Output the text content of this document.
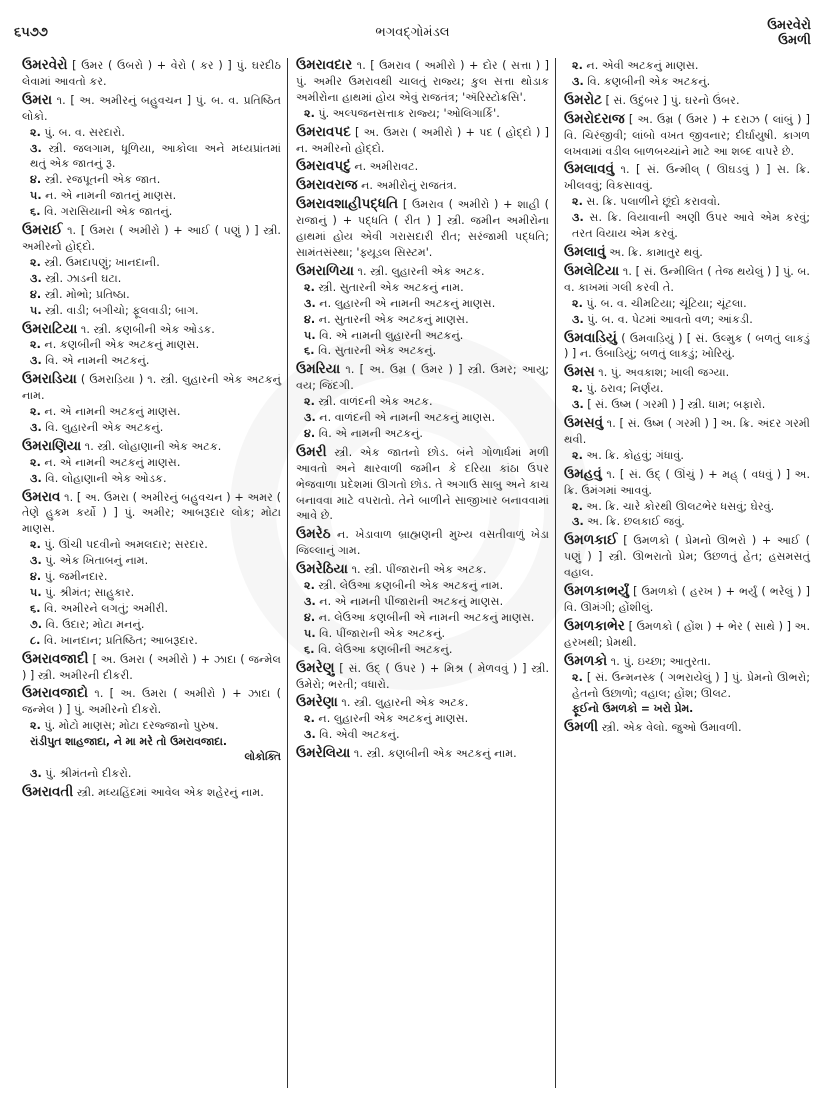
૬૫૭૭	ભગવદ્ગોમંડલ	ઉમરવેરો
ઉમળી
ઉમરવેરો [ ઉમર ( ઉબરો ) + વેરો ( કર ) ] પું. ઘરદીઠ લેવામાં આવતો કર.
ઉમરા ૧. [ અ. અમીરનું બહુવચન ] પું. બ. વ. પ્રતિષ્ઠિત લોકો.
૨. પું. બ. વ. સરદારો.
૩. સ્ત્રી. જલગામ, ધૂળિયા, આકોલા અને મધ્યપ્રાંતમાં થતું એક જાતનું રૂ.
૪. સ્ત્રી. રજપૂતની એક જાત.
૫. ન. એ નામની જાતનું માણસ.
૬. વિ. ગરાસિયાની એક જાતનું.
ઉમરાઈ ૧. [ ઉમરા ( અમીરો ) + આઈ ( પણું ) ] સ્ત્રી. અમીરનો હોદ્દો.
૨. સ્ત્રી. ઉમદાપણું; ખાનદાની.
૩. સ્ત્રી. ઝાડની ઘટા.
૪. સ્ત્રી. મોભો; પ્રતિષ્ઠા.
૫. સ્ત્રી. વાડી; બગીચો; ફૂલવાડી; બાગ.
ઉમરાટિયા ૧. સ્ત્રી. કણબીની એક ઓડક.
૨. ન. કણબીની એક અટકનું માણસ.
૩. વિ. એ નામની અટકનું.
ઉમરાડિયા ( ઉમરાડ઼િયા ) ૧. સ્ત્રી. લુહારની એક અટકનું નામ.
૨. ન. એ નામની અટકનું માણસ.
૩. વિ. લુહારની એક અટકનું.
ઉમરાણિયા ૧. સ્ત્રી. લોહાણાની એક અટક.
૨. ન. એ નામની અટકનું માણસ.
૩. વિ. લોહાણાની એક ઓડક.
ઉમરાવ ૧. [ અ. ઉમરા ( અમીરનું બહુવચન ) + અમર ( તેણે હુકમ કર્યો ) ] પું. અમીર; આબરૂદાર લોક; મોટા માણસ.
૨. પું. ઊંચી પદવીનો અમલદાર; સરદાર.
૩. પું. એક ખિતાબનું નામ.
૪. પું. જમીનદાર.
૫. પું. શ્રીમંત; સાહુકાર.
૬. વિ. અમીરને લગતું; અમીરી.
૭. વિ. ઉદાર; મોટા મનનું.
૮. વિ. ખાનદાન; પ્રતિષ્ઠિત; આબરૂદાર.
ઉમરાવજાદી [ અ. ઉમરા ( અમીરો ) + ઝાદા ( જન્મેલ ) ] સ્ત્રી. અમીરની દીકરી.
ઉમરાવજાદો ૧. [ અ. ઉમરા ( અમીરો ) + ઝાદા ( જન્મેલ ) ] પું. અમીરનો દીકરો.
૨. પું. મોટો માણસ; મોટા દરજ્જાનો પુરુષ.
રાંડીપુત શાહજાદા, ને મા મરે તો ઉમરાવજાદા.
લોકોક્તિ
૩. પું. શ્રીમંતનો દીકરો.
ઉમરાવતી સ્ત્રી. મધ્યહિંદમાં આવેલ એક શહેરનું નામ.
ઉમરાવદાર ૧. [ ઉમરાવ ( અમીરો ) + દોર ( સત્તા ) ] પું. અમીર ઉમરાવથી ચાલતું રાજ્ય; કુલ સત્તા થોડાક અમીરોના હાથમાં હોય એવું રાજતંત્ર; 'ઍરિસ્ટોક્રસિ'.
૨. પું. અલ્પજનસત્તાક રાજ્ય; 'ઓલિગાર્કિ'.
ઉમરાવપદ [ અ. ઉમરા ( અમીરો ) + પદ ( હોદ્દો ) ] ન. અમીરનો હોદ્દો.
ઉમરાવપદું ન. અમીરાવટ.
ઉમરાવરાજ ન. અમીરોનું રાજતંત્ર.
ઉમરાવશાહીપદ્ધતિ [ ઉમરાવ ( અમીરો ) + શાહી ( રાજાનું ) + પદ્ધતિ ( રીત ) ] સ્ત્રી. જમીન અમીરોના હાથમાં હોય એવી ગરાસદારી રીત; સરંજામી પદ્ધતિ; સામંતસંસ્થા; 'ફ્યૂડલ સિસ્ટમ'.
ઉમરાળિયા ૧. સ્ત્રી. લુહારની એક અટક.
૨. સ્ત્રી. સુતારની એક અટકનું નામ.
૩. ન. લુહારની એ નામની અટકનું માણસ.
૪. ન. સુતારની એક અટકનું માણસ.
૫. વિ. એ નામની લુહારની અટકનું.
૬. વિ. સુતારની એક અટકનું.
ઉમરિયા ૧. [ અ. ઉમ્ર ( ઉમર ) ] સ્ત્રી. ઉમર; આયુ; વય; જિંદગી.
૨. સ્ત્રી. વાળંદની એક અટક.
૩. ન. વાળંદની એ નામની અટકનું માણસ.
૪. વિ. એ નામની અટકનું.
ઉમરી સ્ત્રી. એક જાતનો છોડ. બંને ગોળાર્ધમાં મળી આવતો અને ક્ષારવાળી જમીન કે દરિયા કાંઠા ઉપર ભેજવાળા પ્રદેશમાં ઊગતો છોડ. તે અગાઉ સાબુ અને કાચ બનાવવા માટે વપરાતો. તેને બાળીને સાજીખાર બનાવવામાં આવે છે.
ઉમરેઠ ન. ખેડાવાળ બ્રાહ્મણની મુખ્ય વસતીવાળું ખેડા જિલ્લાનું ગામ.
ઉમરેઠિયા ૧. સ્ત્રી. પીંજારાની એક અટક.
૨. સ્ત્રી. લેઉઆ કણબીની એક અટકનું નામ.
૩. ન. એ નામની પીંજારાની અટકનું માણસ.
૪. ન. લેઉઆ કણબીની એ નામની અટકનું માણસ.
૫. વિ. પીંજારાની એક અટકનું.
૬. વિ. લેઉઆ કણબીની અટકનું.
ઉમરેણુ [ સં. ઉદ્ ( ઉપર ) + મિશ્ર ( મેળવવું ) ] સ્ત્રી. ઉમેરો; ભરતી; વધારો.
ઉમરેણા ૧. સ્ત્રી. લુહારની એક અટક.
૨. ન. લુહારની એક અટકનું માણસ.
૩. વિ. એવી અટકનું.
ઉમરેલિયા ૧. સ્ત્રી. કણબીની એક અટકનું નામ.
૨. ન. એવી અટકનું માણસ.
૩. વિ. કણબીની એક અટકનું.
ઉમરોટ [ સં. ઉદુંબર ] પું. ઘરનો ઉંબર.
ઉમરોદરાજ [ અ. ઉમ્ર ( ઉમર ) + દરાઝ ( લાંબું ) ] વિ. ચિરંજીવી; લાંબો વખત જીવનાર; દીર્ઘાયુષી. કાગળ લખવામાં વડીલ બાળબચ્ચાંને માટે આ શબ્દ વાપરે છે.
ઉમલાવવું ૧. [ સં. ઉન્મીલ્ ( ઊઘડવું ) ] સ. ક્રિ. ખીલવવું; વિકસાવવું.
૨. સ. ક્રિ. પલાળીને છૂંદો કરાવવો.
૩. સ. ક્રિ. વિયાવાની અણી ઉપર આવે એમ કરવું; તરત વિયાય એમ કરવું.
ઉમલાવું અ. ક્રિ. કામાતુર થવું.
ઉમલેટિયા ૧. [ સં. ઉન્મીલિત ( તેજ થયેલું ) ] પું. બ. વ. કાખમાં ગલી કરવી તે.
૨. પું. બ. વ. ચીમટિયા; ચૂંટિયા; ચૂંટલા.
૩. પું. બ. વ. પેટમાં આવતો વળ; આંકડી.
ઉમવાડિયું ( ઉમવાડ઼િયું ) [ સં. ઉલ્મુક ( બળતું લાકડું ) ] ન. ઉંબાડિયું; બળતું લાકડું; ખોરિયું.
ઉમસ ૧. પું. અવકાશ; ખાલી જગ્યા.
૨. પું. ઠરાવ; નિર્ણય.
૩. [ સં. ઉષ્મ ( ગરમી ) ] સ્ત્રી. ધામ; બફારો.
ઉમસવું ૧. [ સં. ઉષ્મ ( ગરમી ) ] અ. ક્રિ. અંદર ગરમી થવી.
૨. અ. ક્રિ. કોહવું; ગંધાવું.
ઉમહવું ૧. [ સં. ઉદ્ ( ઊંચું ) + મહ્ ( વધવું ) ] અ. ક્રિ. ઉમંગમાં આવવું.
૨. અ. ક્રિ. ચારે કોરથી ઊલટભેર ધસવું; ઘેરવું.
૩. અ. ક્રિ. છલકાઈ જવું.
ઉમળકાઈ [ ઉમળકો ( પ્રેમનો ઊભરો ) + આઈ ( પણું ) ] સ્ત્રી. ઊભરાતો પ્રેમ; ઉછળતું હેત; હસમસતું વહાલ.
ઉમળકાભર્યું [ ઉમળકો ( હરખ ) + ભર્યું ( ભરેલું ) ] વિ. ઊમંગી; હોંશીલું.
ઉમળકાભેર [ ઉમળકો ( હોંશ ) + ભેર ( સાથે ) ] અ. હરખથી; પ્રેમથી.
ઉમળકો ૧. પું. ઇચ્છા; આતુરતા.
૨. [ સં. ઉન્મનસ્ક ( ગભરાયેલું ) ] પું. પ્રેમનો ઊભરો; હેતનો ઉછાળો; વહાલ; હોંશ; ઊલટ.
ફૂઈનો ઉમળકો = ખરો પ્રેમ.
ઉમળી સ્ત્રી. એક વેલો. જુઓ ઉમાવળી.
